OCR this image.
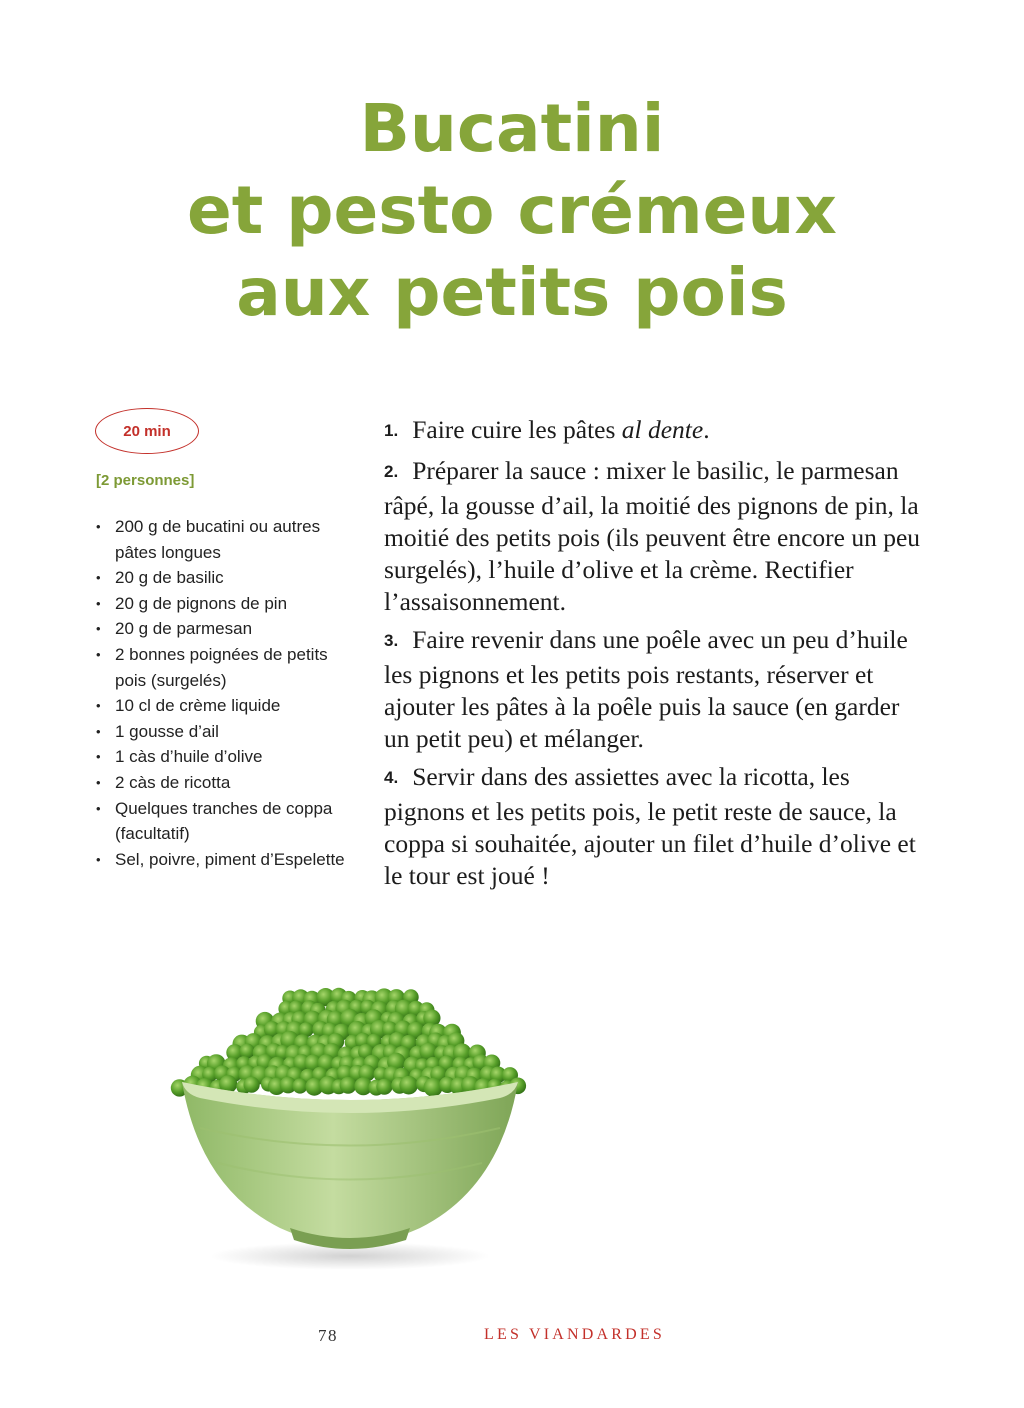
Bucatini
et pesto crémeux
aux petits pois
20 min
[2 personnes]
• 200 g de bucatini ou autres pâtes longues
• 20 g de basilic
• 20 g de pignons de pin
• 20 g de parmesan
• 2 bonnes poignées de petits pois (surgelés)
• 10 cl de crème liquide
• 1 gousse d’ail
• 1 càs d’huile d’olive
• 2 càs de ricotta
• Quelques tranches de coppa (facultatif)
• Sel, poivre, piment d’Espelette

1. Faire cuire les pâtes al dente.

2. Préparer la sauce : mixer le basilic, le parmesan râpé, la gousse d’ail, la moitié des pignons de pin, la moitié des petits pois (ils peuvent être encore un peu surgelés), l’huile d’olive et la crème. Rectifier l’assaisonnement.

3. Faire revenir dans une poêle avec un peu d’huile les pignons et les petits pois restants, réserver et ajouter les pâtes à la poêle puis la sauce (en garder un petit peu) et mélanger.

4. Servir dans des assiettes avec la ricotta, les pignons et les petits pois, le petit reste de sauce, la coppa si souhaitée, ajouter un filet d’huile d’olive et le tour est joué !

78	LES VIANDARDES
